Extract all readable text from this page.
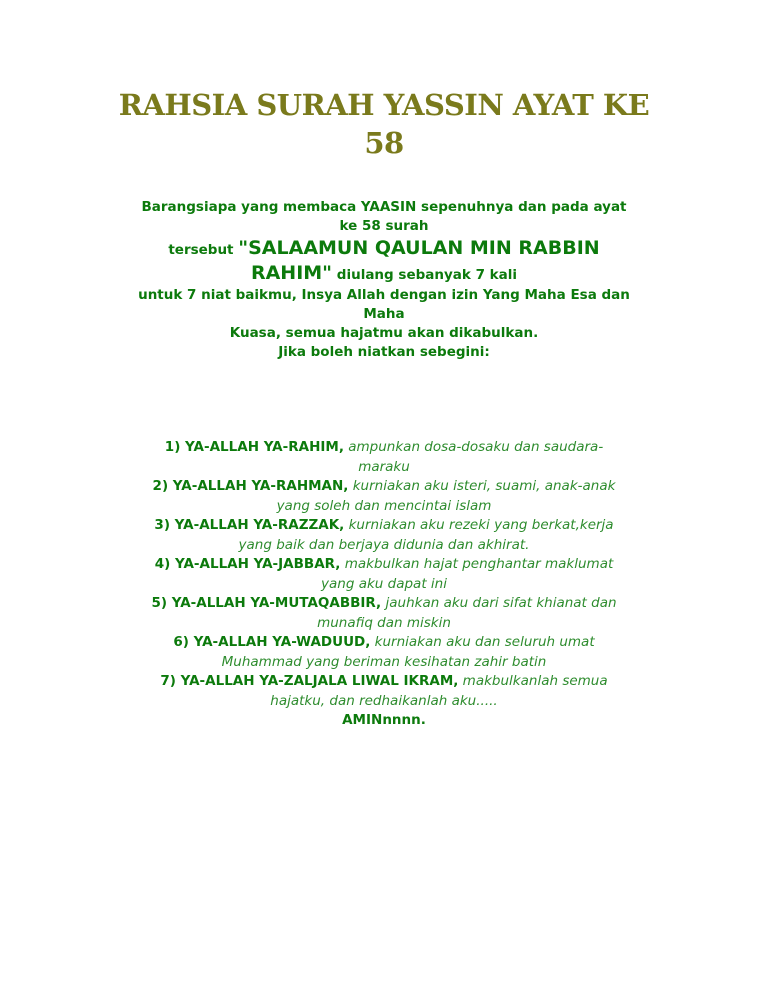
RAHSIA SURAH YASSIN AYAT KE
58
Barangsiapa yang membaca YAASIN sepenuhnya dan pada ayat
ke 58 surah
tersebut "SALAAMUN QAULAN MIN RABBIN
RAHIM" diulang sebanyak 7 kali
untuk 7 niat baikmu, Insya Allah dengan izin Yang Maha Esa dan
Maha
Kuasa, semua hajatmu akan dikabulkan.
Jika boleh niatkan sebegini:
1) YA-ALLAH YA-RAHIM, ampunkan dosa-dosaku dan saudara-
maraku
2) YA-ALLAH YA-RAHMAN, kurniakan aku isteri, suami, anak-anak
yang soleh dan mencintai islam
3) YA-ALLAH YA-RAZZAK, kurniakan aku rezeki yang berkat,kerja
yang baik dan berjaya didunia dan akhirat.
4) YA-ALLAH YA-JABBAR, makbulkan hajat penghantar maklumat
yang aku dapat ini
5) YA-ALLAH YA-MUTAQABBIR, jauhkan aku dari sifat khianat dan
munafiq dan miskin
6) YA-ALLAH YA-WADUUD, kurniakan aku dan seluruh umat
Muhammad yang beriman kesihatan zahir batin
7) YA-ALLAH YA-ZALJALA LIWAL IKRAM, makbulkanlah semua
hajatku, dan redhaikanlah aku.....
AMINnnnn.
